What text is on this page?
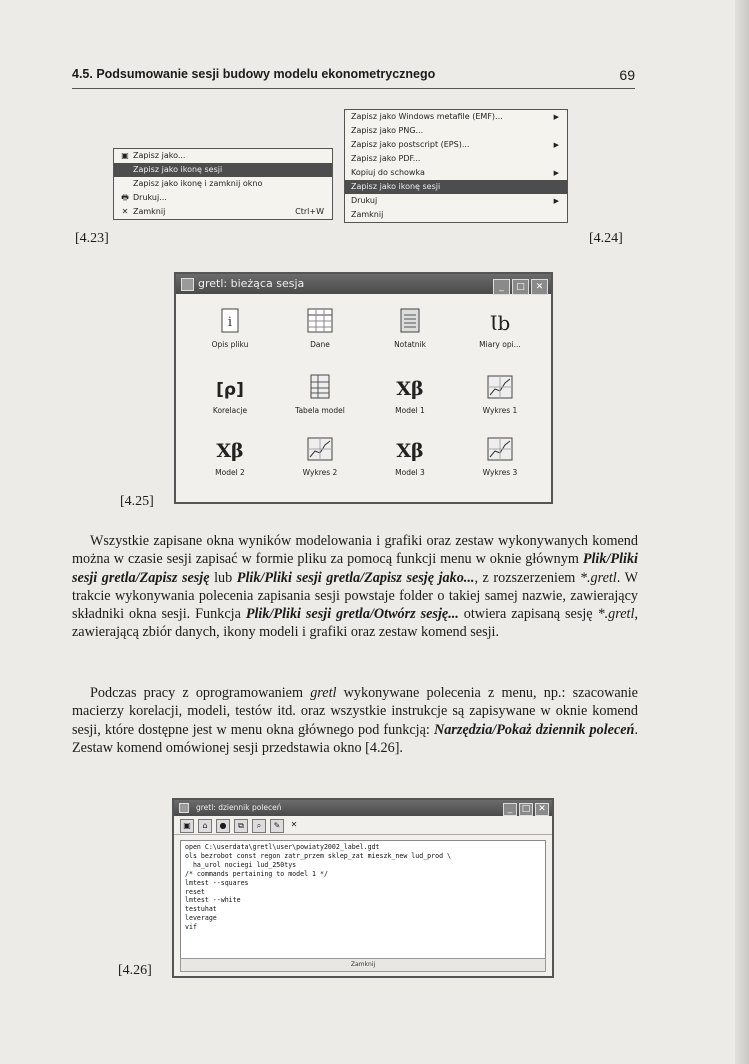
4.5. Podsumowanie sesji budowy modelu ekonometrycznego	69
▣ Zapisz jako...
Zapisz jako ikonę sesji
Zapisz jako ikonę i zamknij okno
🖶 Drukuj...
✕ Zamknij	Ctrl+W
[4.23]
Zapisz jako Windows metafile (EMF)...	▶
Zapisz jako PNG...
Zapisz jako postscript (EPS)...	▶
Zapisz jako PDF...
Kopiuj do schowka	▶
Zapisz jako ikonę sesji
Drukuj	▶
Zamknij
[4.24]
gretl: bieżąca sesja	_ □ ✕
i
Opis pliku	Dane	Notatnik
Ɩb
Miary opi...
[ρ]
Korelacje	Tabela model
Xβ
Model 1	Wykres 1
Xβ
Model 2	Wykres 2
Xβ
Model 3	Wykres 3
[4.25]

Wszystkie zapisane okna wyników modelowania i grafiki oraz zestaw wykonywanych komend można w czasie sesji zapisać w formie pliku za pomocą funkcji menu w oknie głównym Plik/Pliki sesji gretla/Zapisz sesję lub Plik/Pliki sesji gretla/Zapisz sesję jako..., z rozszerzeniem *.gretl. W trakcie wykonywania polecenia zapisania sesji powstaje folder o takiej samej nazwie, zawierający składniki okna sesji. Funkcja Plik/Pliki sesji gretla/Otwórz sesję... otwiera zapisaną sesję *.gretl, zawierającą zbiór danych, ikony modeli i grafiki oraz zestaw komend sesji.

Podczas pracy z oprogramowaniem gretl wykonywane polecenia z menu, np.: szacowanie macierzy korelacji, modeli, testów itd. oraz wszystkie instrukcje są zapisywane w oknie komend sesji, które dostępne jest w menu okna głównego pod funkcją: Narzędzia/Pokaż dziennik poleceń. Zestaw komend omówionej sesji przedstawia okno [4.26].

gretl: dziennik poleceń	_ □ ✕
▣ ⌂ ● ⧉ ⌕ ✎ ✕
open C:\userdata\gretl\user\powiaty2002_label.gdt
ols bezrobot const regon zatr_przem sklep_zat mieszk_new lud_prod \
ha_urol nociegi lud_250tys
/* commands pertaining to model 1 */
lmtest --squares
reset
lmtest --white
testuhat
leverage
vif
Zamknij
[4.26]
